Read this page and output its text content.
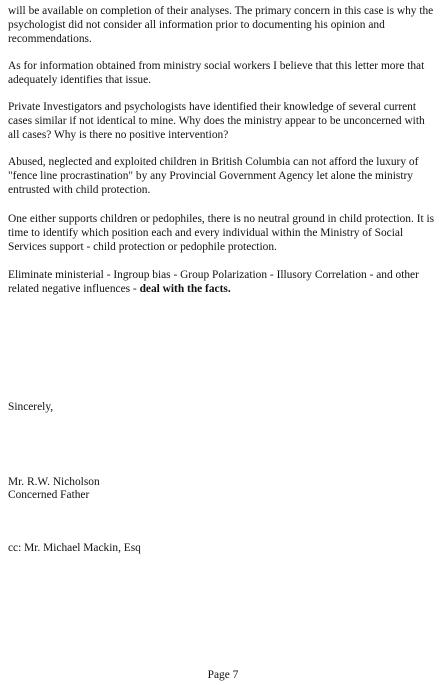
will be available on completion of their analyses. The primary concern in this case is why the psychologist did not consider all information prior to documenting his opinion and recommendations.

As for information obtained from ministry social workers I believe that this letter more that adequately identifies that issue.

Private Investigators and psychologists have identified their knowledge of several current cases similar if not identical to mine. Why does the ministry appear to be unconcerned with all cases? Why is there no positive intervention?

Abused, neglected and exploited children in British Columbia can not afford the luxury of "fence line procrastination" by any Provincial Government Agency let alone the ministry entrusted with child protection.

One either supports children or pedophiles, there is no neutral ground in child protection. It is time to identify which position each and every individual within the Ministry of Social Services support - child protection or pedophile protection.

Eliminate ministerial - Ingroup bias - Group Polarization - Illusory Correlation - and other related negative influences - deal with the facts.

Sincerely,

Mr. R.W. Nicholson

Concerned Father

cc: Mr. Michael Mackin, Esq

Page 7
